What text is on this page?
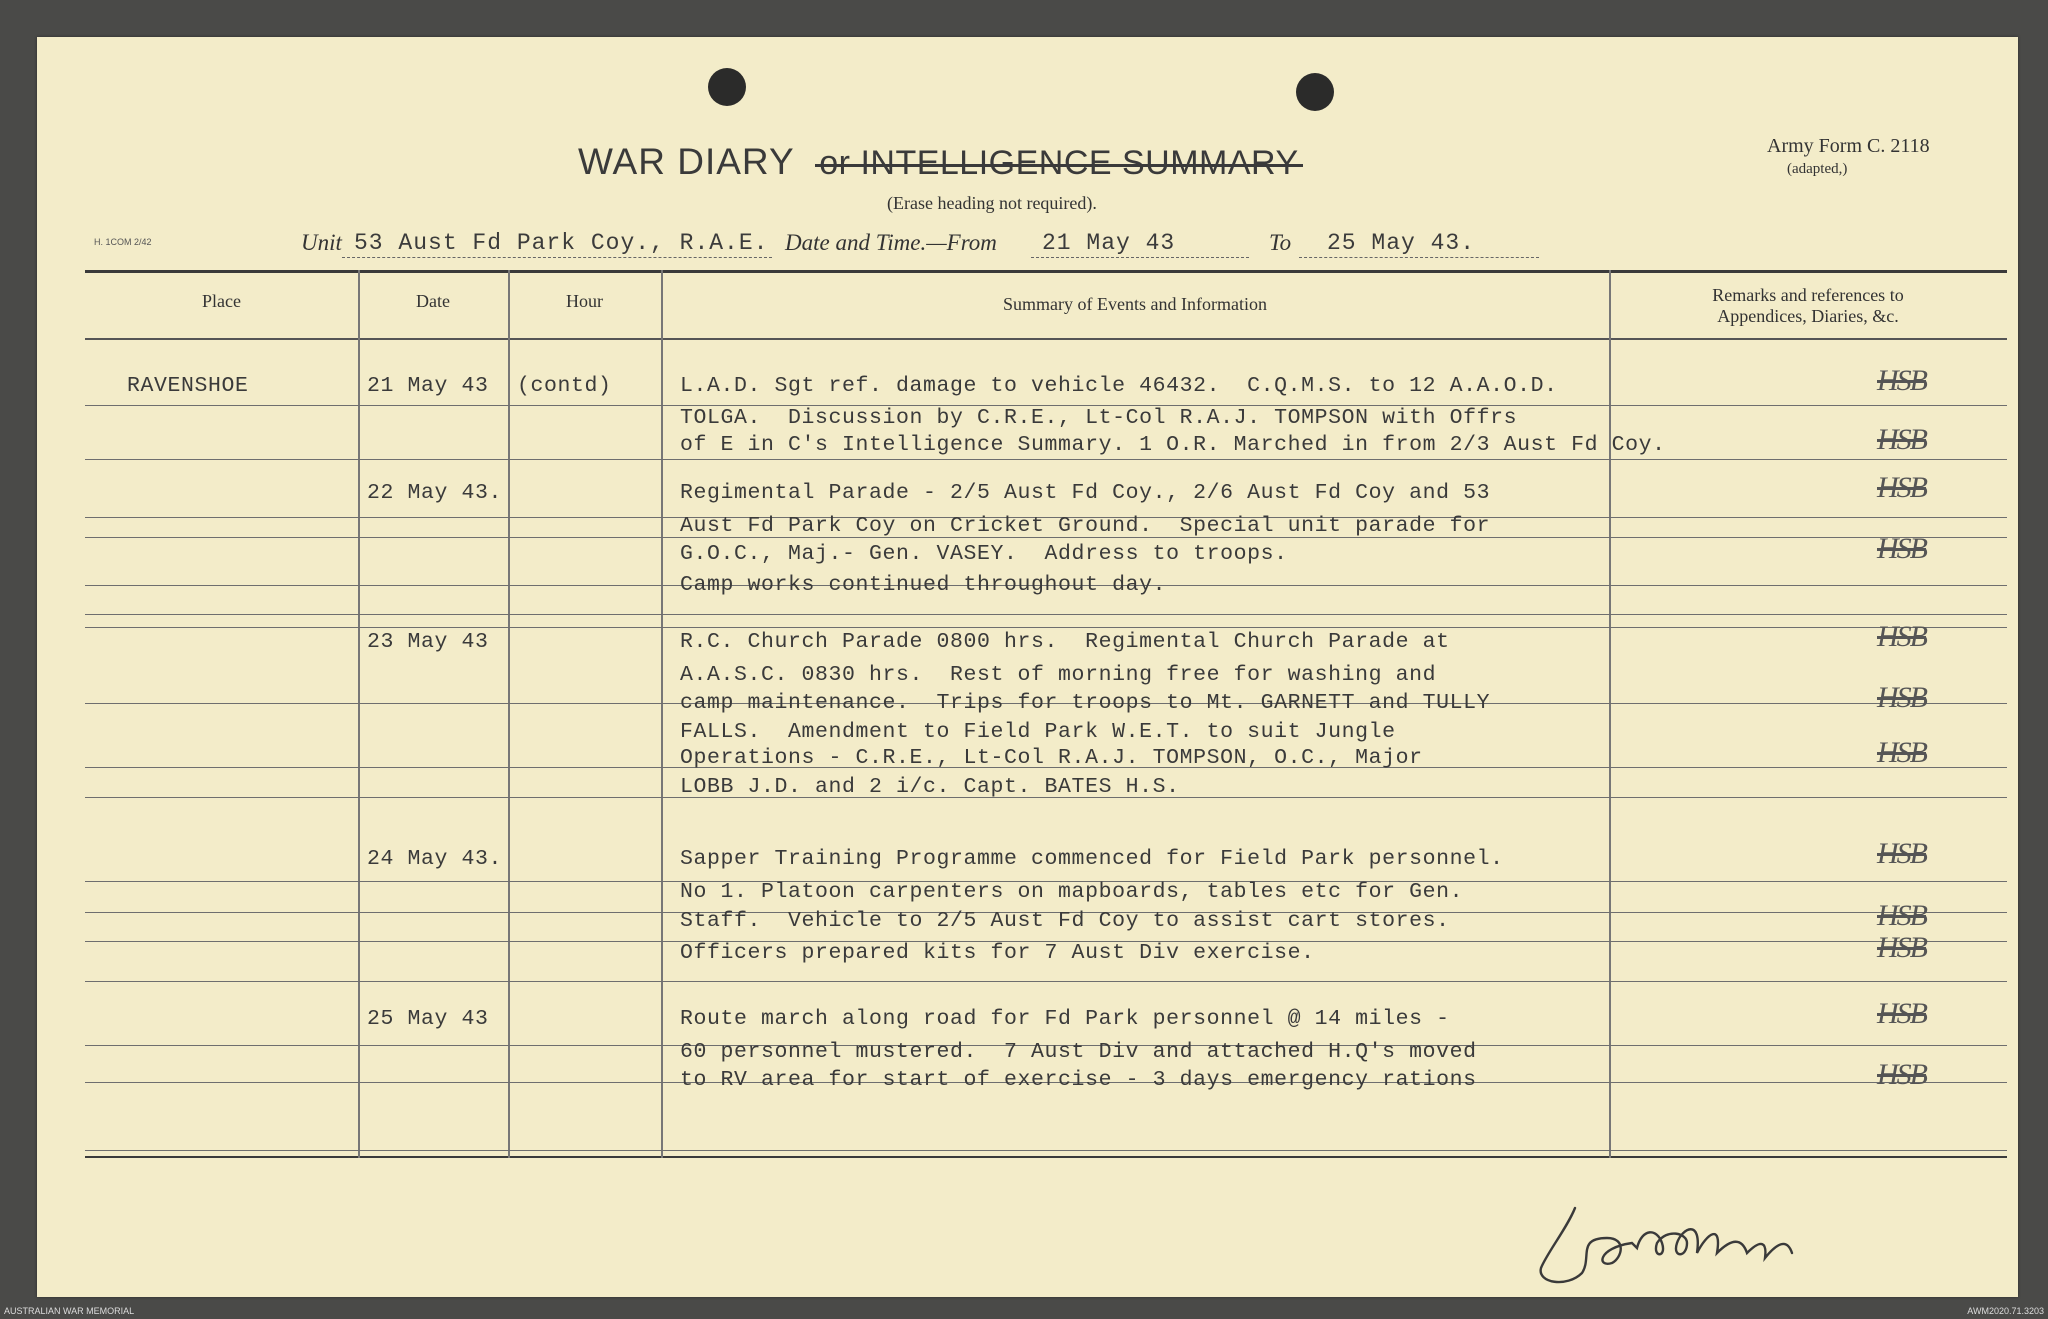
WAR DIARY or INTELLIGENCE SUMMARY
(Erase heading not required).
Army Form C. 2118
(adapted,)
H. 1COM 2/42	Unit 53 Aust Fd Park Coy., R.A.E. Date and Time.—From 21 May 43	To 25 May 43.
Place	Date	Hour	Summary of Events and Information	Remarks and references to
Appendices, Diaries, &c.
RAVENSHOE	21 May 43 (contd)	L.A.D. Sgt ref. damage to vehicle 46432.  C.Q.M.S. to 12 A.A.O.D.	HSB
TOLGA.  Discussion by C.R.E., Lt-Col R.A.J. TOMPSON with Offrs
of E in C's Intelligence Summary. 1 O.R. Marched in from 2/3 Aust Fd Coy.	HSB
22 May 43.	Regimental Parade - 2/5 Aust Fd Coy., 2/6 Aust Fd Coy and 53	HSB
Aust Fd Park Coy on Cricket Ground.  Special unit parade for
G.O.C., Maj.- Gen. VASEY.  Address to troops.	HSB
Camp works continued throughout day.
23 May 43	R.C. Church Parade 0800 hrs.  Regimental Church Parade at	HSB
A.A.S.C. 0830 hrs.  Rest of morning free for washing and
camp maintenance.  Trips for troops to Mt. GARNETT and TULLY	HSB
FALLS.  Amendment to Field Park W.E.T. to suit Jungle
Operations - C.R.E., Lt-Col R.A.J. TOMPSON, O.C., Major	HSB
LOBB J.D. and 2 i/c. Capt. BATES H.S.
24 May 43.	Sapper Training Programme commenced for Field Park personnel.	HSB
No 1. Platoon carpenters on mapboards, tables etc for Gen.
Staff.  Vehicle to 2/5 Aust Fd Coy to assist cart stores.	HSB
Officers prepared kits for 7 Aust Div exercise.	HSB
25 May 43	Route march along road for Fd Park personnel @ 14 miles -	HSB
60 personnel mustered.  7 Aust Div and attached H.Q's moved
to RV area for start of exercise - 3 days emergency rations	HSB
AUSTRALIAN WAR MEMORIAL	AWM2020.71.3203
